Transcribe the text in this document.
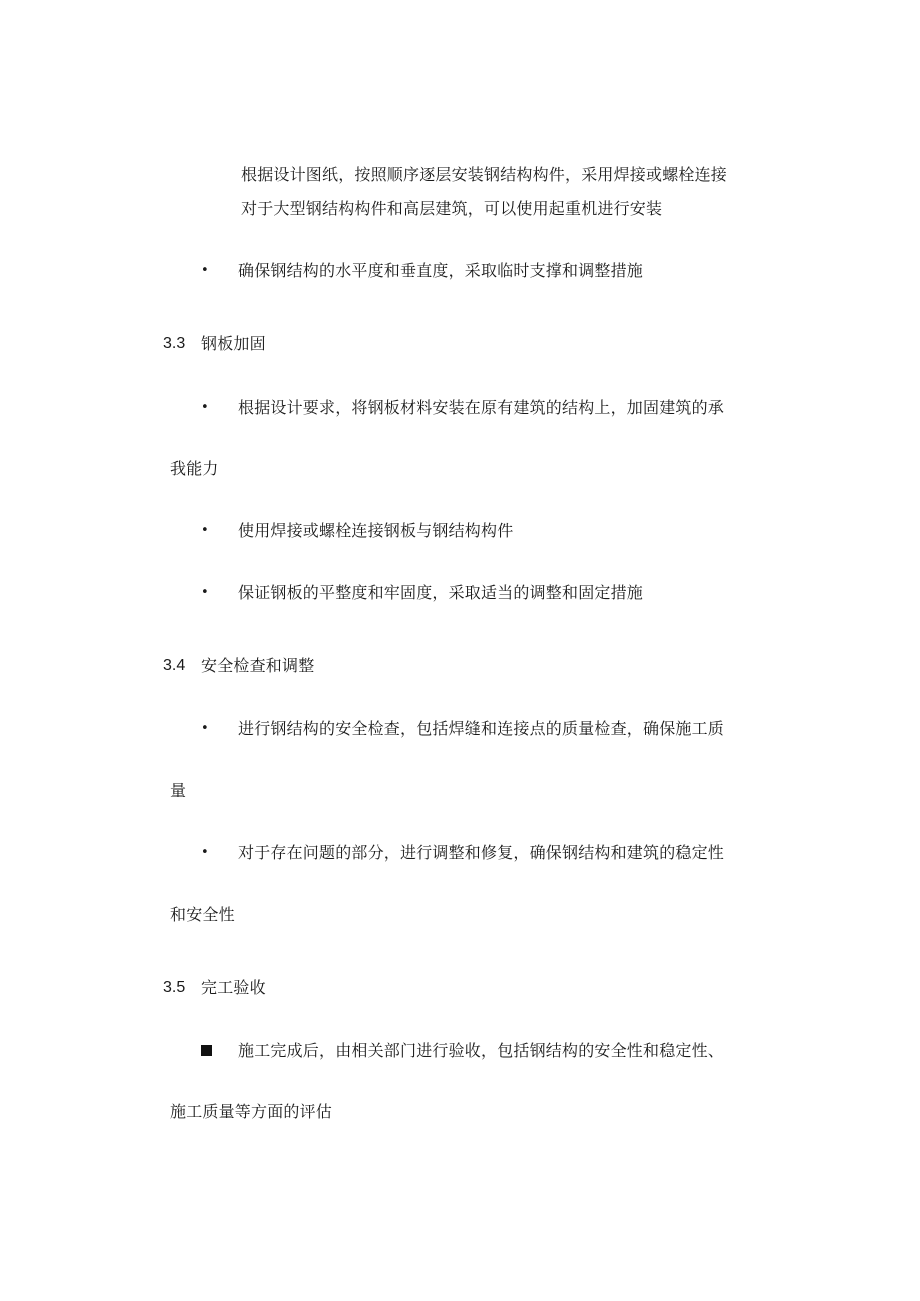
根据设计图纸，按照顺序逐层安装钢结构构件，采用焊接或螺栓连接
对于大型钢结构构件和高层建筑，可以使用起重机进行安装
• 确保钢结构的水平度和垂直度，采取临时支撑和调整措施
3.3 钢板加固
• 根据设计要求，将钢板材料安装在原有建筑的结构上，加固建筑的承
我能力
• 使用焊接或螺栓连接钢板与钢结构构件
• 保证钢板的平整度和牢固度，采取适当的调整和固定措施
3.4 安全检查和调整
• 进行钢结构的安全检查，包括焊缝和连接点的质量检查，确保施工质
量
• 对于存在问题的部分，进行调整和修复，确保钢结构和建筑的稳定性
和安全性
3.5 完工验收
施工完成后，由相关部门进行验收，包括钢结构的安全性和稳定性、
施工质量等方面的评估
